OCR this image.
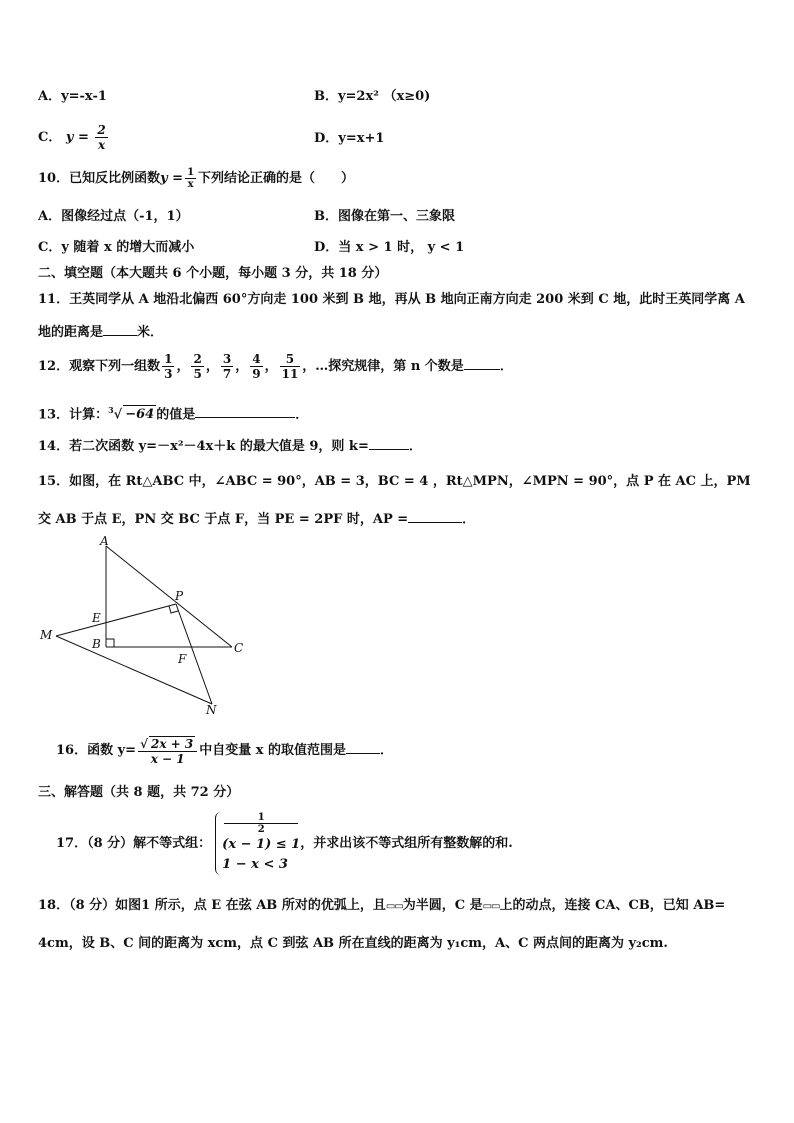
A．y=-x-1	B．y=2x² （x≥0)
C． $y = \frac{2}{x}$	D．y=x+1
10．已知反比例函数$y = \frac{1}{x}$ 下列结论正确的是（　　）
A．图像经过点（-1，1）	B．图像在第一、三象限
C．y 随着 x 的增大而减小	D．当 x > 1 时， y < 1
二、填空题（本大题共 6 个小题，每小题 3 分，共 18 分）
11．王英同学从 A 地沿北偏西 60°方向走 100 米到 B 地，再从 B 地向正南方向走 200 米到 C 地，此时王英同学离 A
地的距离是	米．
12．观察下列一组数 $\frac{1}{3}$ ， $\frac{2}{5}$ ， $\frac{3}{7}$ ， $\frac{4}{9}$ ， $\frac{5}{11}$ ，…探究规律，第 n 个数是	．
13．计算：$^3$√ −64 的值是	．
14．若二次函数 y=－x²－4x＋k 的最大值是 9，则 k=	．
15．如图，在 Rt△ABC 中，∠ABC = 90°，AB = 3，BC = 4 ，Rt△MPN，∠MPN = 90°，点 P 在 AC 上，PM
交 AB 于点 E，PN 交 BC 于点 F，当 PE = 2PF 时，AP =	．
A
B	C
E
F
M
N
P
16．函数 $y= \frac{√ 2x + 3}{x - 1}$ 中自变量 x 的取值范围是	．
三、解答题（共 8 题，共 72 分）
17．（8 分）解不等式组：
1
2
(x − 1) ≤ 1
1 − x < 3
，并求出该不等式组所有整数解的和.
18．（8 分）如图1 所示，点 E 在弦 AB 所对的优弧上，且▭▭为半圆，C 是▭▭上的动点，连接 CA、CB，已知 AB=
4cm，设 B、C 间的距离为 xcm，点 C 到弦 AB 所在直线的距离为 y₁cm，A、C 两点间的距离为 y₂cm.
